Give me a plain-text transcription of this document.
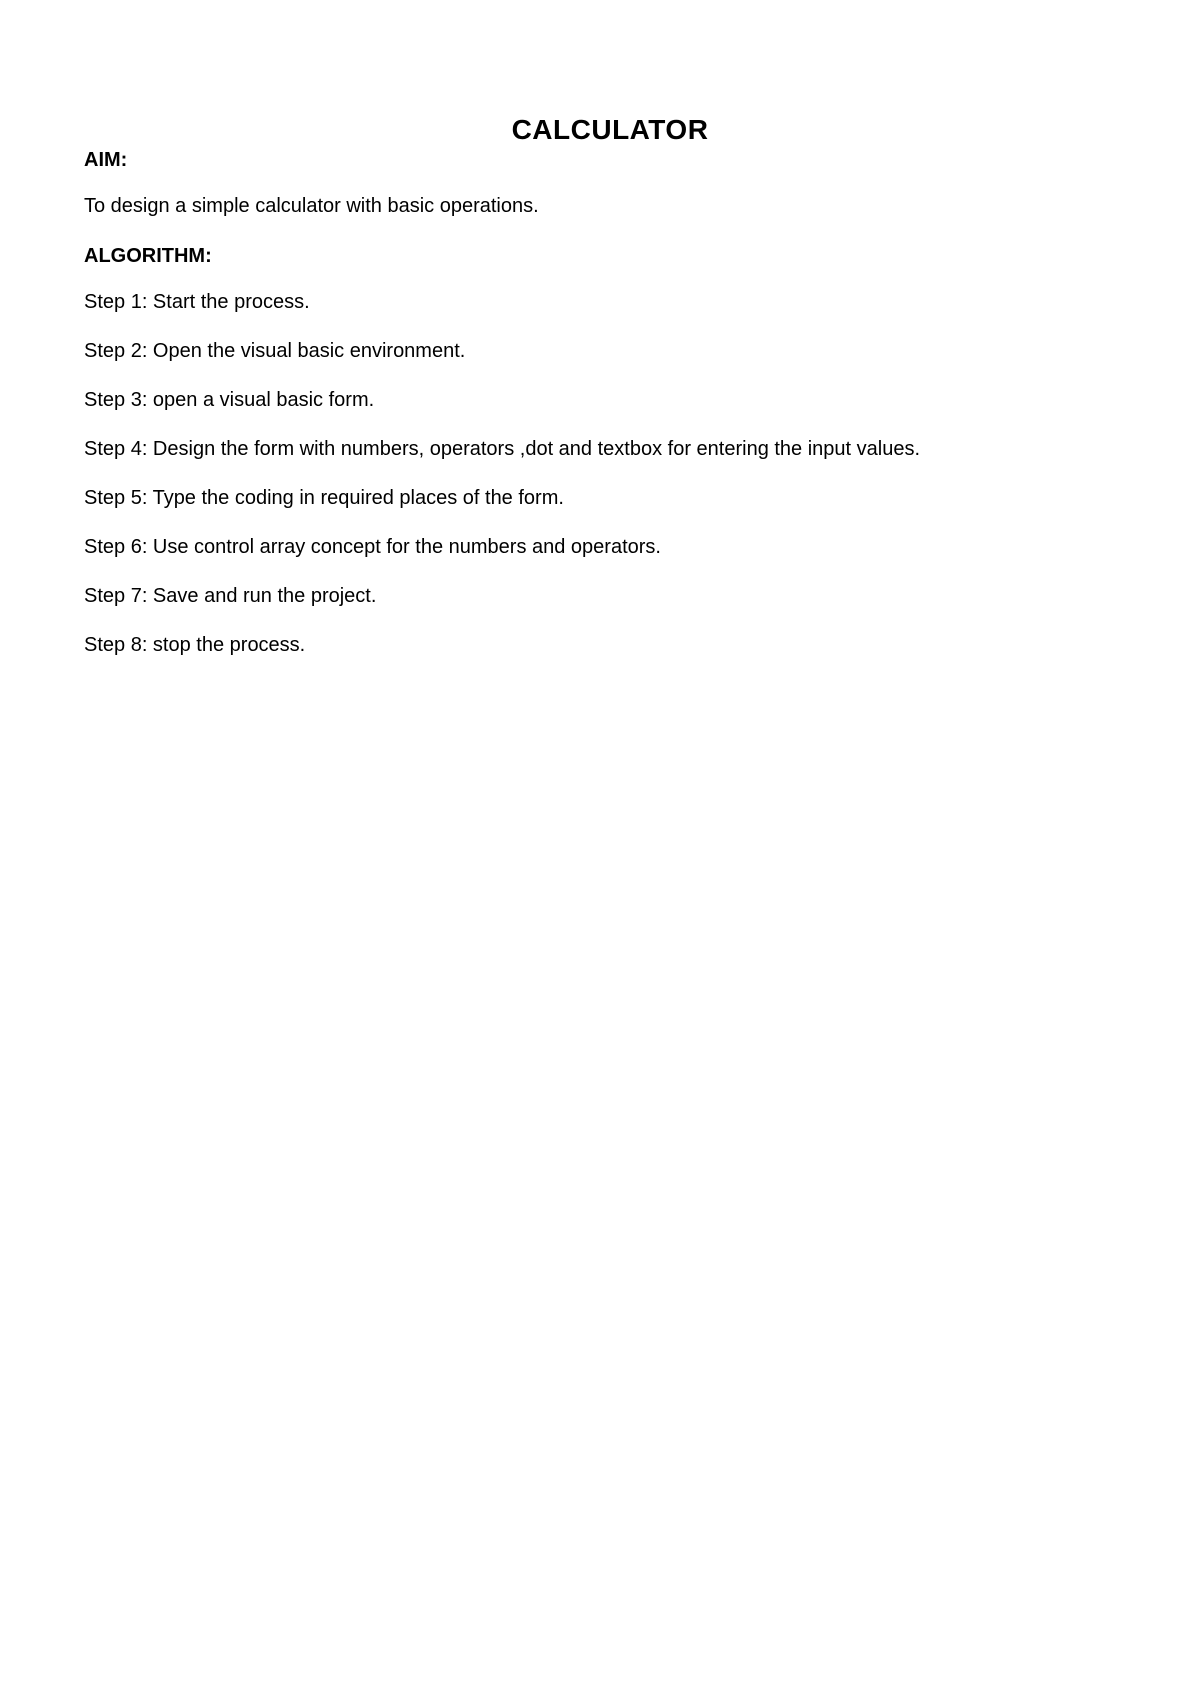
CALCULATOR

AIM:

To design a simple calculator with basic operations.

ALGORITHM:

Step 1: Start the process.
Step 2: Open the visual basic environment.
Step 3: open a visual basic form.
Step 4: Design the form with numbers, operators ,dot and textbox for entering the input values.
Step 5: Type the coding in required places of the form.
Step 6: Use control array concept for the numbers and operators.
Step 7: Save and run the project.
Step 8: stop the process.
